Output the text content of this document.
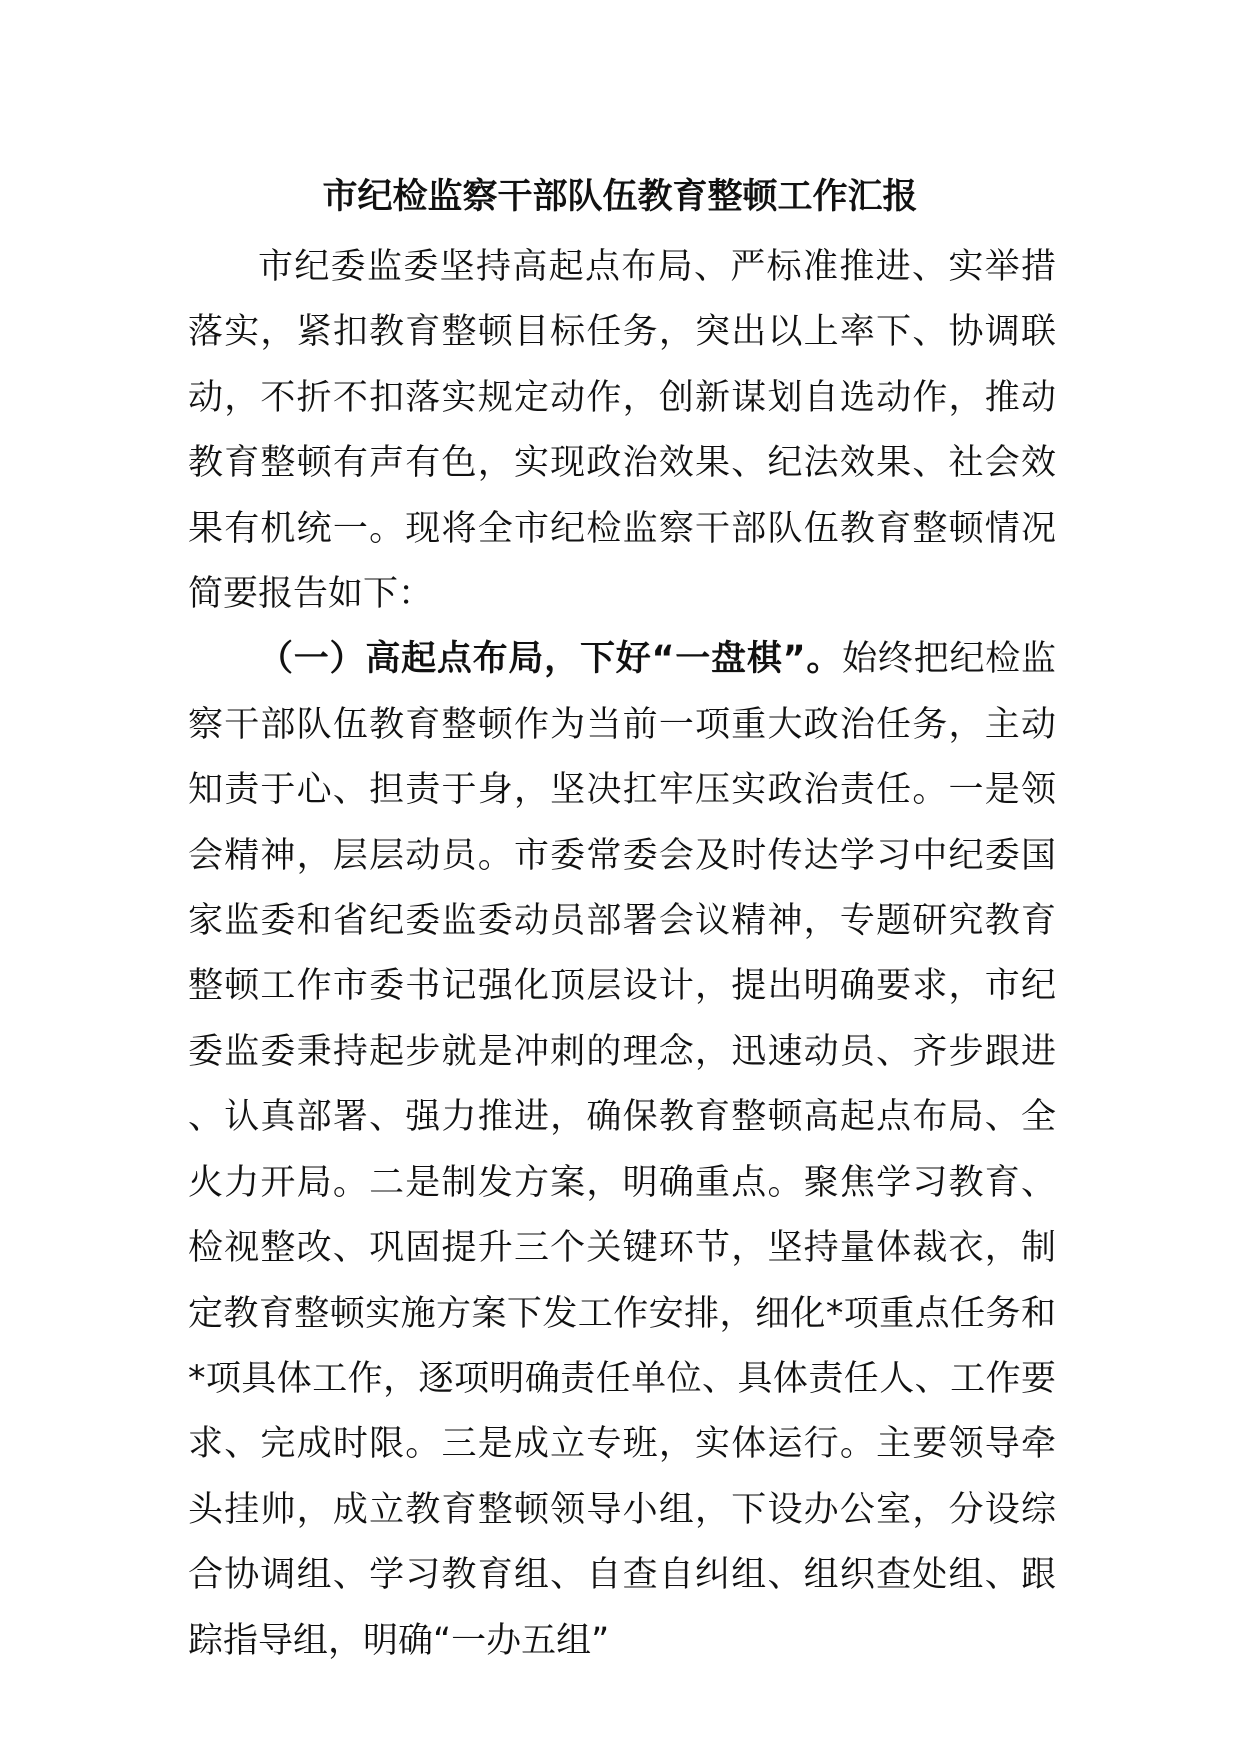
市纪检监察干部队伍教育整顿工作汇报

市纪委监委坚持高起点布局、严标准推进、实举措落实，紧扣教育整顿目标任务，突出以上率下、协调联动，不折不扣落实规定动作，创新谋划自选动作，推动教育整顿有声有色，实现政治效果、纪法效果、社会效果有机统一。现将全市纪检监察干部队伍教育整顿情况简要报告如下：

（一）高起点布局，下好“一盘棋”。始终把纪检监察干部队伍教育整顿作为当前一项重大政治任务，主动知责于心、担责于身，坚决扛牢压实政治责任。一是领会精神，层层动员。市委常委会及时传达学习中纪委国家监委和省纪委监委动员部署会议精神，专题研究教育整顿工作市委书记强化顶层设计，提出明确要求，市纪委监委秉持起步就是冲刺的理念，迅速动员、齐步跟进、认真部署、强力推进，确保教育整顿高起点布局、全火力开局。二是制发方案，明确重点。聚焦学习教育、检视整改、巩固提升三个关键环节，坚持量体裁衣，制定教育整顿实施方案下发工作安排，细化*项重点任务和*项具体工作，逐项明确责任单位、具体责任人、工作要求、完成时限。三是成立专班，实体运行。主要领导牵头挂帅，成立教育整顿领导小组，下设办公室，分设综合协调组、学习教育组、自查自纠组、组织查处组、跟踪指导组，明确“一办五组”
